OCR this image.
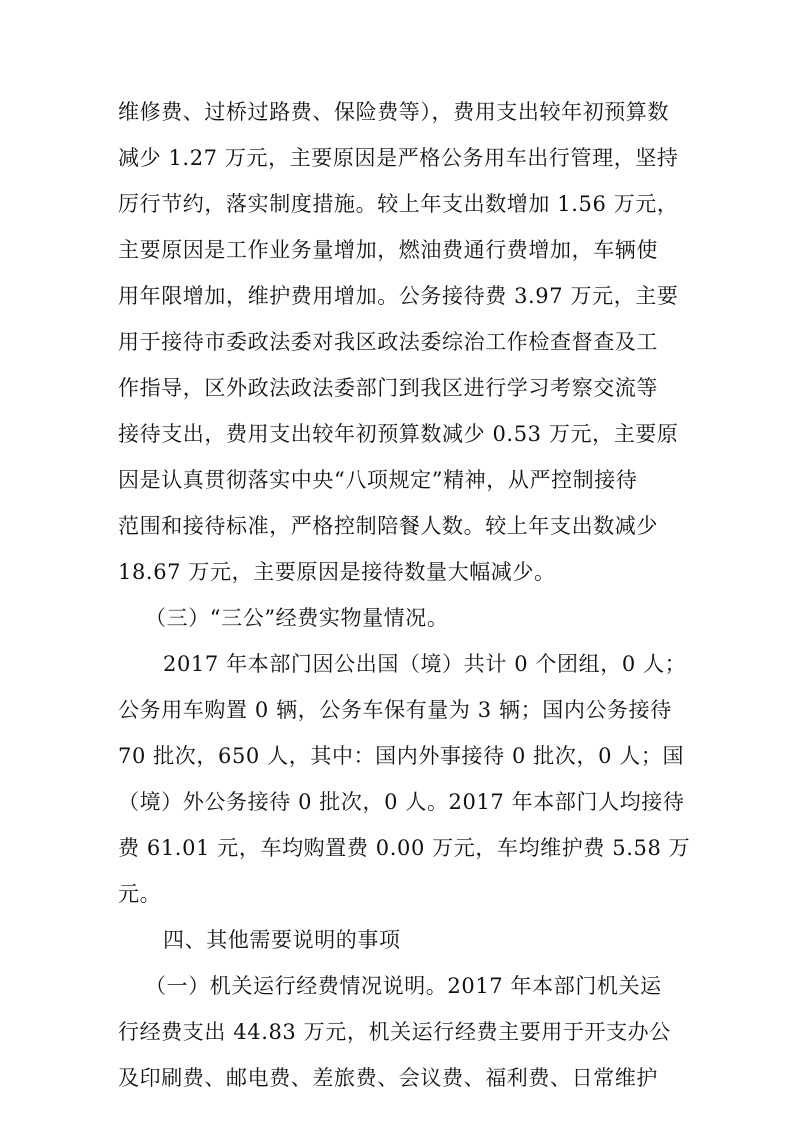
维修费、过桥过路费、保险费等），费用支出较年初预算数
减少 1.27 万元，主要原因是严格公务用车出行管理，坚持
厉行节约，落实制度措施。较上年支出数增加 1.56 万元，
主要原因是工作业务量增加，燃油费通行费增加，车辆使
用年限增加，维护费用增加。公务接待费 3.97 万元，主要
用于接待市委政法委对我区政法委综治工作检查督查及工
作指导，区外政法政法委部门到我区进行学习考察交流等
接待支出，费用支出较年初预算数减少 0.53 万元，主要原
因是认真贯彻落实中央“八项规定”精神，从严控制接待
范围和接待标准，严格控制陪餐人数。较上年支出数减少
18.67 万元，主要原因是接待数量大幅减少。
（三）“三公”经费实物量情况。
2017 年本部门因公出国（境）共计 0 个团组，0 人；
公务用车购置 0 辆，公务车保有量为 3 辆；国内公务接待
70 批次，650 人，其中：国内外事接待 0 批次，0 人；国
（境）外公务接待 0 批次，0 人。2017 年本部门人均接待
费 61.01 元，车均购置费 0.00 万元，车均维护费 5.58 万
元。
四、其他需要说明的事项
（一）机关运行经费情况说明。2017 年本部门机关运
行经费支出 44.83 万元，机关运行经费主要用于开支办公
及印刷费、邮电费、差旅费、会议费、福利费、日常维护
